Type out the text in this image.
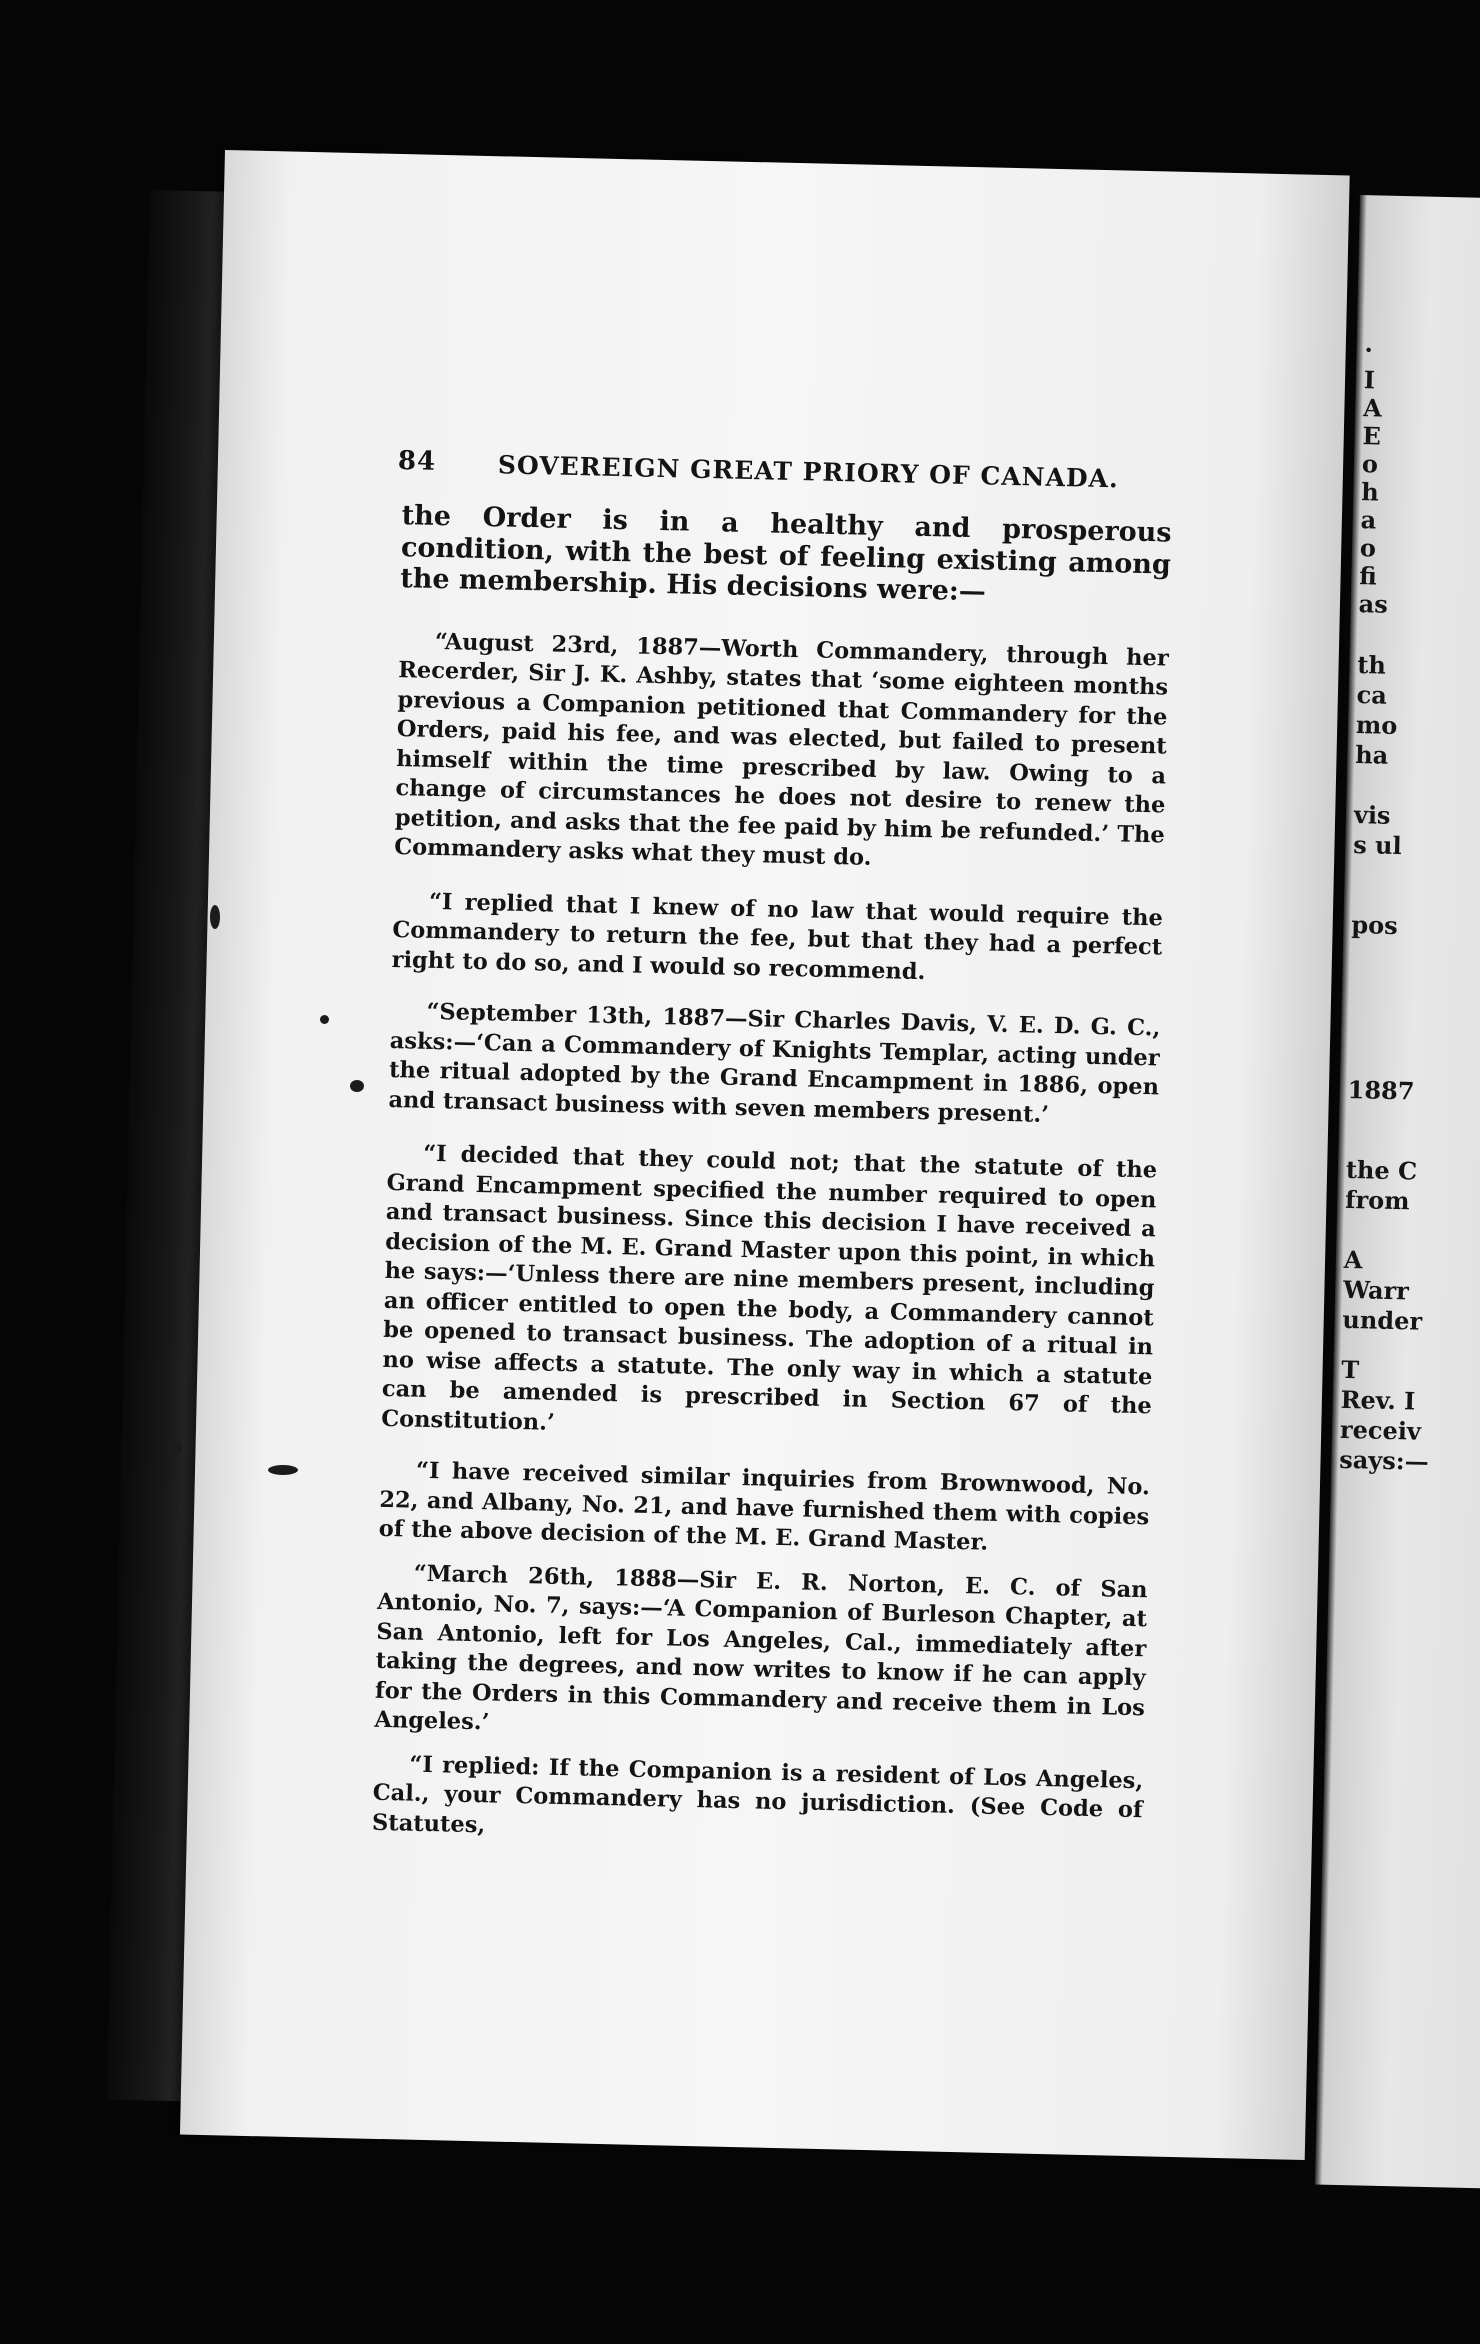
84 SOVEREIGN GREAT PRIORY OF CANADA.

the Order is in a healthy and prosperous condition, with the best of feeling existing among the membership. His decisions were:—

“August 23rd, 1887—Worth Commandery, through her Recerder, Sir J. K. Ashby, states that ‘some eighteen months previous a Companion petitioned that Commandery for the Orders, paid his fee, and was elected, but failed to present himself within the time prescribed by law. Owing to a change of circumstances he does not desire to renew the petition, and asks that the fee paid by him be refunded.’ The Commandery asks what they must do.

“I replied that I knew of no law that would require the Commandery to return the fee, but that they had a perfect right to do so, and I would so recommend.

“September 13th, 1887—Sir Charles Davis, V. E. D. G. C., asks:—‘Can a Commandery of Knights Templar, acting under the ritual adopted by the Grand Encampment in 1886, open and transact business with seven members present.’

“I decided that they could not; that the statute of the Grand Encampment specified the number required to open and transact business. Since this decision I have received a decision of the M. E. Grand Master upon this point, in which he says:—‘Unless there are nine members present, including an officer entitled to open the body, a Commandery cannot be opened to transact business. The adoption of a ritual in no wise affects a statute. The only way in which a statute can be amended is prescribed in Section 67 of the Constitution.’

“I have received similar inquiries from Brownwood, No. 22, and Albany, No. 21, and have furnished them with copies of the above decision of the M. E. Grand Master.

“March 26th, 1888—Sir E. R. Norton, E. C. of San Antonio, No. 7, says:—‘A Companion of Burleson Chapter, at San Antonio, left for Los Angeles, Cal., immediately after taking the degrees, and now writes to know if he can apply for the Orders in this Commandery and receive them in Los Angeles.’

“I replied: If the Companion is a resident of Los Angeles, Cal., your Commandery has no jurisdiction. (See Code of Statutes,

·
I
A
E
o
h
a
o
fi
as
th
ca
mo
ha
vis
s ul
pos
1887
the C
from
A
Warr
under
T
Rev. I
receiv
says:—
